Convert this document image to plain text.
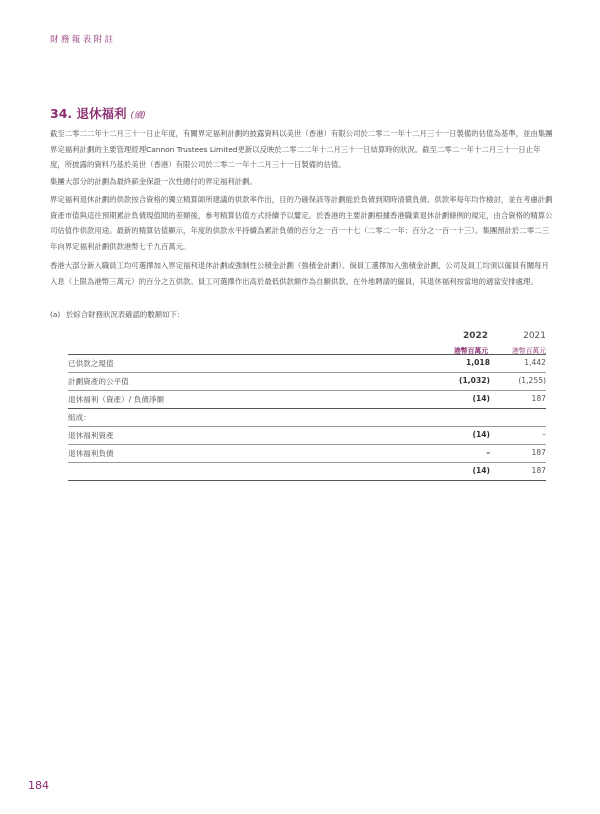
財務報表附註
34. 退休福利 (續)
截至二零二二年十二月三十一日止年度，有關界定福利計劃的披露資料以美世（香港）有限公司於二零二一年十二月三十一日製備的估值為基準，並由集團界定福利計劃的主要管理經理Cannon Trustees Limited更新以反映於二零二二年十二月三十一日結算時的狀況。截至二零二一年十二月三十一日止年度，所披露的資料乃基於美世（香港）有限公司於二零二一年十二月三十一日製備的估值。
集團大部分的計劃為最終薪金保證一次性總付的界定福利計劃。
界定福利退休計劃的供款按合資格的獨立精算師所建議的供款率作出，目的乃確保該等計劃能於負債到期時清償負債。供款率每年均作檢討，並在考慮計劃資產市值與這往預期累計負債現值間的差額後，參考精算估值方式持續予以釐定。於香港的主要計劃根據香港職業退休計劃條例的規定，由合資格的精算公司估值作供款用途。最新的精算估值顯示，年度的供款水平持續為累計負債的百分之一百一十七（二零二一年：百分之一百一十三）。集團預計於二零二三年向界定福利計劃供款港幣七千九百萬元。
香港大部分新入職員工均可選擇加入界定福利退休計劃或強制性公積金計劃（強積金計劃）。倘員工選擇加入強積金計劃，公司及員工均須以僱員有關每月入息（上限為港幣三萬元）的百分之五供款。員工可選擇作出高於最低供款額作為自願供款。在外地聘請的僱員，其退休福利按當地的適當安排處理。
(a) 於綜合財務狀況表確認的數額如下：
2022	2021
港幣百萬元	港幣百萬元
已供款之現值	1,018	1,442
計劃資產的公平值	(1,032)	(1,255)
退休福利（資產）/ 負債淨額	(14)	187
組成：
退休福利資產	(14)	–
退休福利負債	–	187
(14)	187
184
